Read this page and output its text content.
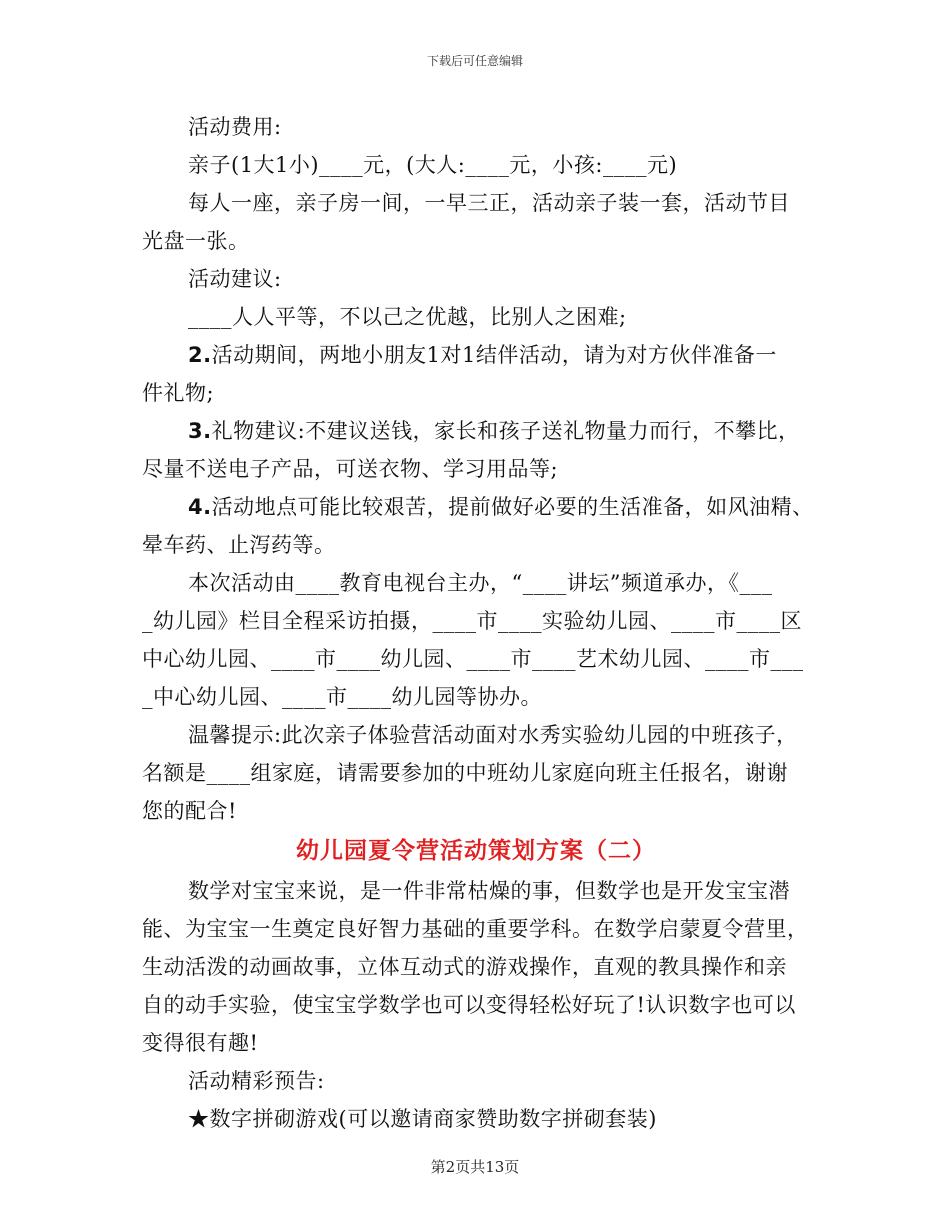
下载后可任意编辑
活动费用:
亲子(1大1小)____元，(大人:____元，小孩:____元)
每人一座，亲子房一间，一早三正，活动亲子装一套，活动节目
光盘一张。
活动建议:
____人人平等，不以己之优越，比别人之困难;
2.活动期间，两地小朋友1对1结伴活动，请为对方伙伴准备一
件礼物;
3.礼物建议:不建议送钱，家长和孩子送礼物量力而行，不攀比，
尽量不送电子产品，可送衣物、学习用品等;
4.活动地点可能比较艰苦，提前做好必要的生活准备，如风油精、
晕车药、止泻药等。
本次活动由____教育电视台主办，“____讲坛”频道承办，《___
_幼儿园》栏目全程采访拍摄，____市____实验幼儿园、____市____区
中心幼儿园、____市____幼儿园、____市____艺术幼儿园、____市___
_中心幼儿园、____市____幼儿园等协办。
温馨提示:此次亲子体验营活动面对水秀实验幼儿园的中班孩子，
名额是____组家庭，请需要参加的中班幼儿家庭向班主任报名，谢谢
您的配合!
幼儿园夏令营活动策划方案（二）
数学对宝宝来说，是一件非常枯燥的事，但数学也是开发宝宝潜
能、为宝宝一生奠定良好智力基础的重要学科。在数学启蒙夏令营里，
生动活泼的动画故事，立体互动式的游戏操作，直观的教具操作和亲
自的动手实验，使宝宝学数学也可以变得轻松好玩了!认识数字也可以
变得很有趣!
活动精彩预告:
★数字拼砌游戏(可以邀请商家赞助数字拼砌套装)
第2页共13页
